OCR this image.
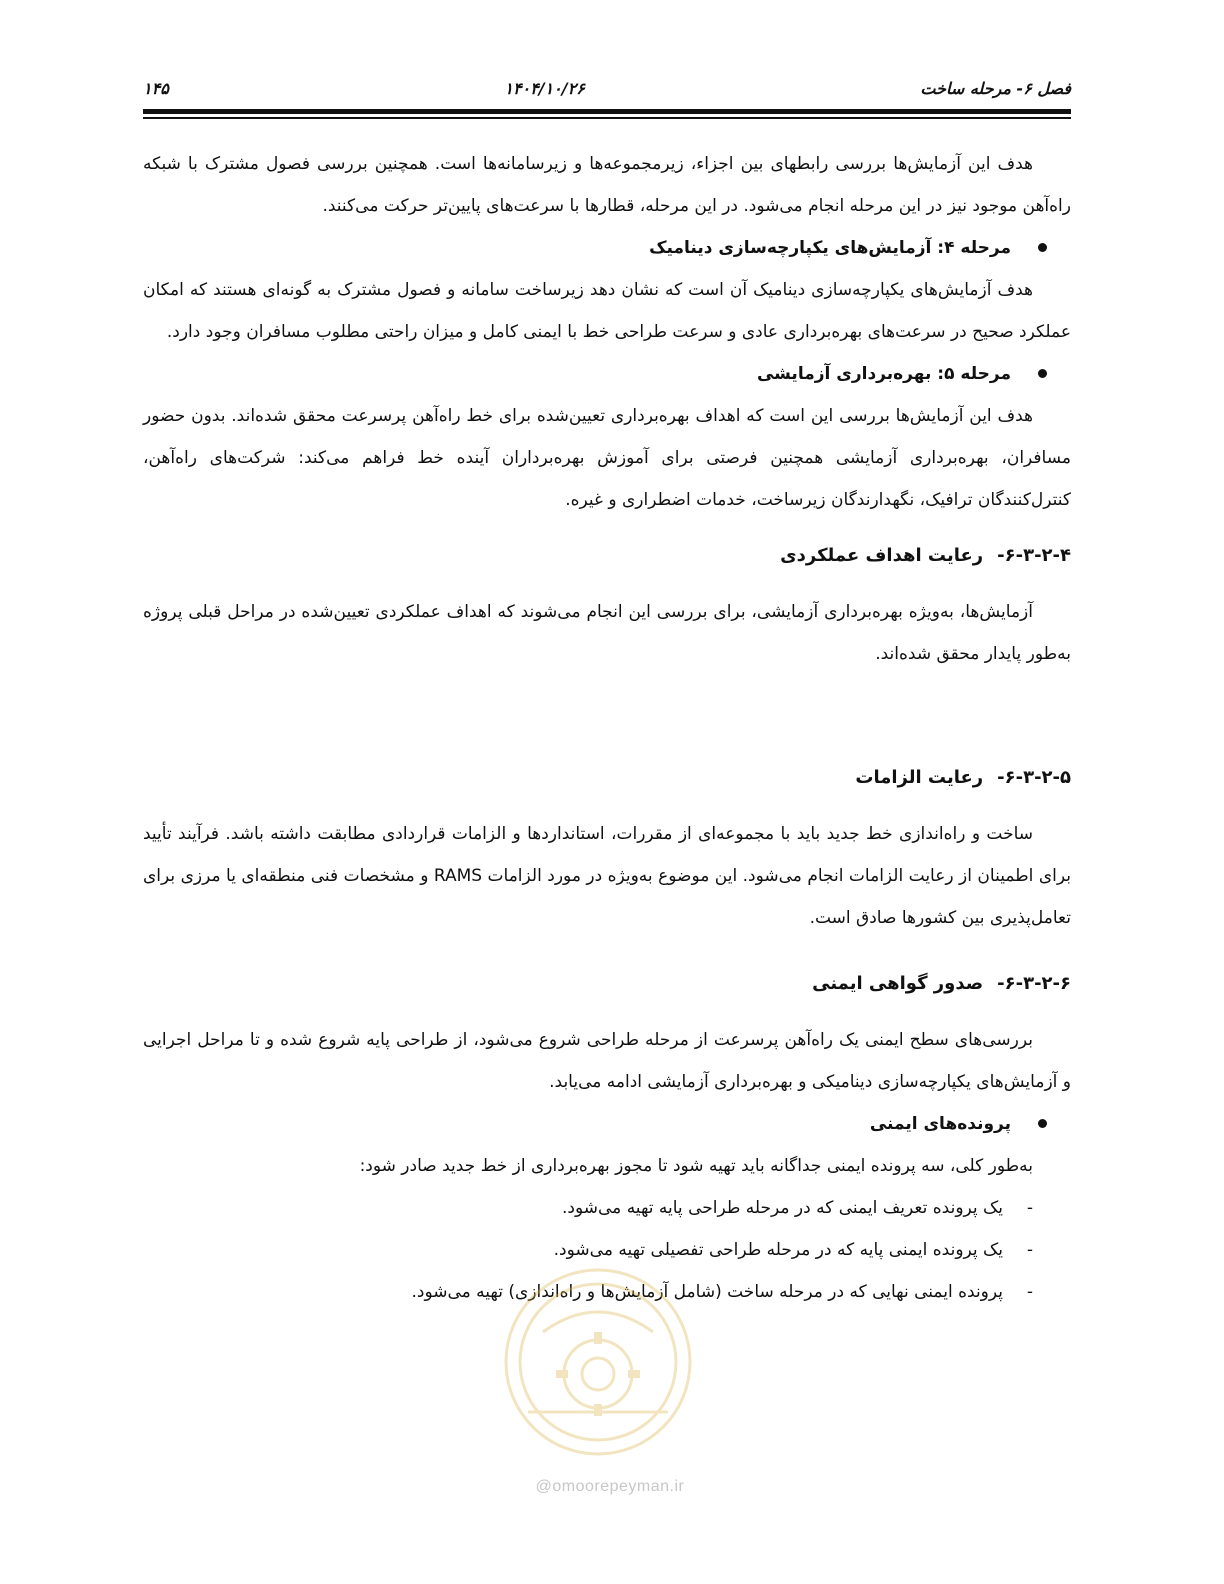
فصل ۶- مرحله ساخت
۱۴۰۴/۱۰/۲۶
۱۴۵

هدف این آزمایش‌ها بررسی رابطهای بین اجزاء، زیرمجموعه‌ها و زیرسامانه‌ها است. همچنین بررسی فصول مشترک با شبکه راه‌آهن موجود نیز در این مرحله انجام می‌شود. در این مرحله، قطارها با سرعت‌های پایین‌تر حرکت می‌کنند.

مرحله ۴: آزمایش‌های یکپارچه‌سازی دینامیک

هدف آزمایش‌های یکپارچه‌سازی دینامیک آن است که نشان دهد زیرساخت سامانه و فصول مشترک به گونه‌ای هستند که امکان عملکرد صحیح در سرعت‌های بهره‌برداری عادی و سرعت طراحی خط با ایمنی کامل و میزان راحتی مطلوب مسافران وجود دارد.

مرحله ۵: بهره‌برداری آزمایشی

هدف این آزمایش‌ها بررسی این است که اهداف بهره‌برداری تعیین‌شده برای خط راه‌آهن پرسرعت محقق شده‌اند. بدون حضور مسافران، بهره‌برداری آزمایشی همچنین فرصتی برای آموزش بهره‌برداران آینده خط فراهم می‌کند: شرکت‌های راه‌آهن، کنترل‌کنندگان ترافیک، نگهدارندگان زیرساخت، خدمات اضطراری و غیره.

۶-۳-۲-۴-رعایت اهداف عملکردی

آزمایش‌ها، به‌ویژه بهره‌برداری آزمایشی، برای بررسی این انجام می‌شوند که اهداف عملکردی تعیین‌شده در مراحل قبلی پروژه به‌طور پایدار محقق شده‌اند.

۶-۳-۲-۵-رعایت الزامات

ساخت و راه‌اندازی خط جدید باید با مجموعه‌ای از مقررات، استانداردها و الزامات قراردادی مطابقت داشته باشد. فرآیند تأیید برای اطمینان از رعایت الزامات انجام می‌شود. این موضوع به‌ویژه در مورد الزامات RAMS و مشخصات فنی منطقه‌ای یا مرزی برای تعامل‌پذیری بین کشورها صادق است.

۶-۳-۲-۶-صدور گواهی ایمنی

بررسی‌های سطح ایمنی یک راه‌آهن پرسرعت از مرحله طراحی شروع می‌شود، از طراحی پایه شروع شده و تا مراحل اجرایی و آزمایش‌های یکپارچه‌سازی دینامیکی و بهره‌برداری آزمایشی ادامه می‌یابد.

پرونده‌های ایمنی
به‌طور کلی، سه پرونده ایمنی جداگانه باید تهیه شود تا مجوز بهره‌برداری از خط جدید صادر شود:
-
یک پرونده تعریف ایمنی که در مرحله طراحی پایه تهیه می‌شود.
-
یک پرونده ایمنی پایه که در مرحله طراحی تفصیلی تهیه می‌شود.
-
پرونده ایمنی نهایی که در مرحله ساخت (شامل آزمایش‌ها و راه‌اندازی) تهیه می‌شود.
@omoorepeyman.ir
